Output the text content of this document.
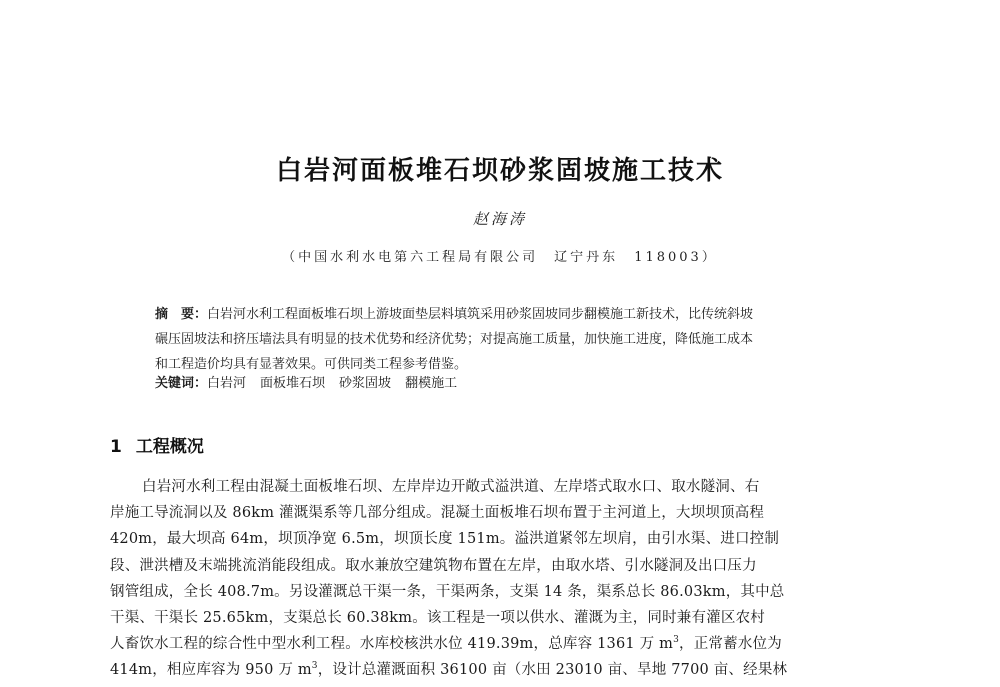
白岩河面板堆石坝砂浆固坡施工技术
赵海涛
（中国水利水电第六工程局有限公司 辽宁丹东 118003）
摘　要：白岩河水利工程面板堆石坝上游坡面垫层料填筑采用砂浆固坡同步翻模施工新技术，比传统斜坡
碾压固坡法和挤压墙法具有明显的技术优势和经济优势；对提高施工质量，加快施工进度，降低施工成本
和工程造价均具有显著效果。可供同类工程参考借鉴。
关键词：白岩河 面板堆石坝 砂浆固坡 翻模施工
1 工程概况
白岩河水利工程由混凝土面板堆石坝、左岸岸边开敞式溢洪道、左岸塔式取水口、取水隧洞、右
岸施工导流洞以及 86km 灌溉渠系等几部分组成。混凝土面板堆石坝布置于主河道上，大坝坝顶高程
420m，最大坝高 64m，坝顶净宽 6.5m，坝顶长度 151m。溢洪道紧邻左坝肩，由引水渠、进口控制
段、泄洪槽及末端挑流消能段组成。取水兼放空建筑物布置在左岸，由取水塔、引水隧洞及出口压力
钢管组成，全长 408.7m。另设灌溉总干渠一条，干渠两条，支渠 14 条，渠系总长 86.03km，其中总
干渠、干渠长 25.65km，支渠总长 60.38km。该工程是一项以供水、灌溉为主，同时兼有灌区农村
人畜饮水工程的综合性中型水利工程。水库校核洪水位 419.39m，总库容 1361 万 $m^3$，正常蓄水位为
414m，相应库容为 950 万 $m^3$，设计总灌溉面积 36100 亩（水田 23010 亩、旱地 7700 亩、经果林
